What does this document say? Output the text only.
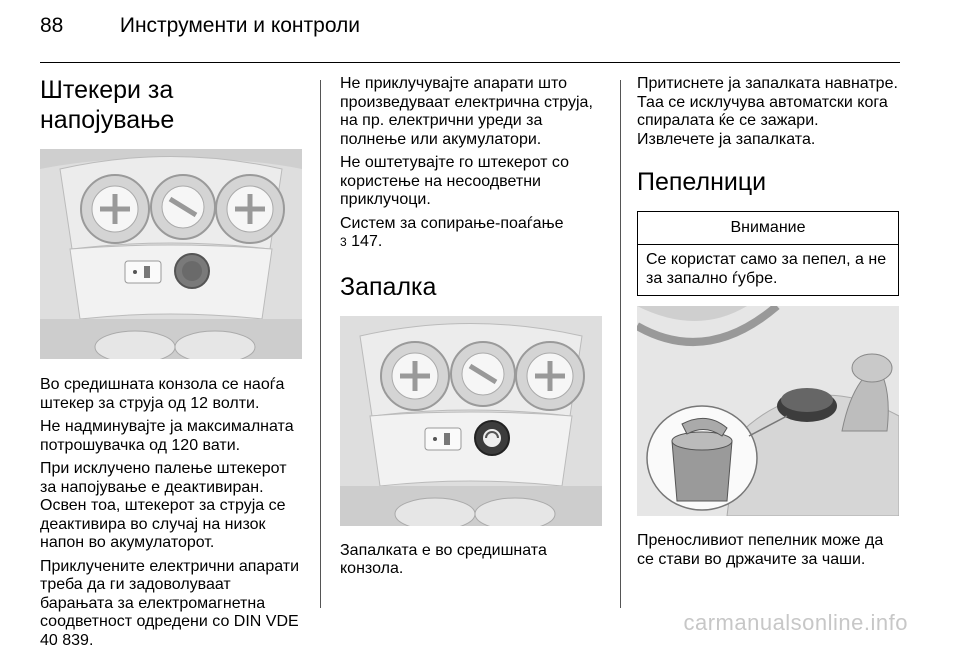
88	Инструменти и контроли
Штекери за напојување
Во средишната конзола се наоѓа штекер за струја од 12 волти.
Не надминувајте ја максималната потрошувачка од 120 вати.
При исклучено палење штекерот за напојување е деактивиран. Освен тоа, штекерот за струја се деактивира во случај на низок напон во акумулаторот.
Приклучените електрични апарати треба да ги задоволуваат барањата за електромагнетна соодветност одредени со DIN VDE 40 839.
Не приклучувајте апарати што произведуваат електрична струја, на пр. електрични уреди за полнење или акумулатори.
Не оштетувајте го штекерот со користење на несоодветни приклучоци.
Систем за сопирање-поаѓање
3 147.
Запалка
Запалката е во средишната конзола.
Притиснете ја запалката навнатре. Таа се исклучува автоматски кога спиралата ќе се зажари. Извлечете ја запалката.
Пепелници
Внимание
Се користат само за пепел, а не за запално ѓубре.
Преносливиот пепелник може да се стави во држачите за чаши.
carmanualsonline.info
